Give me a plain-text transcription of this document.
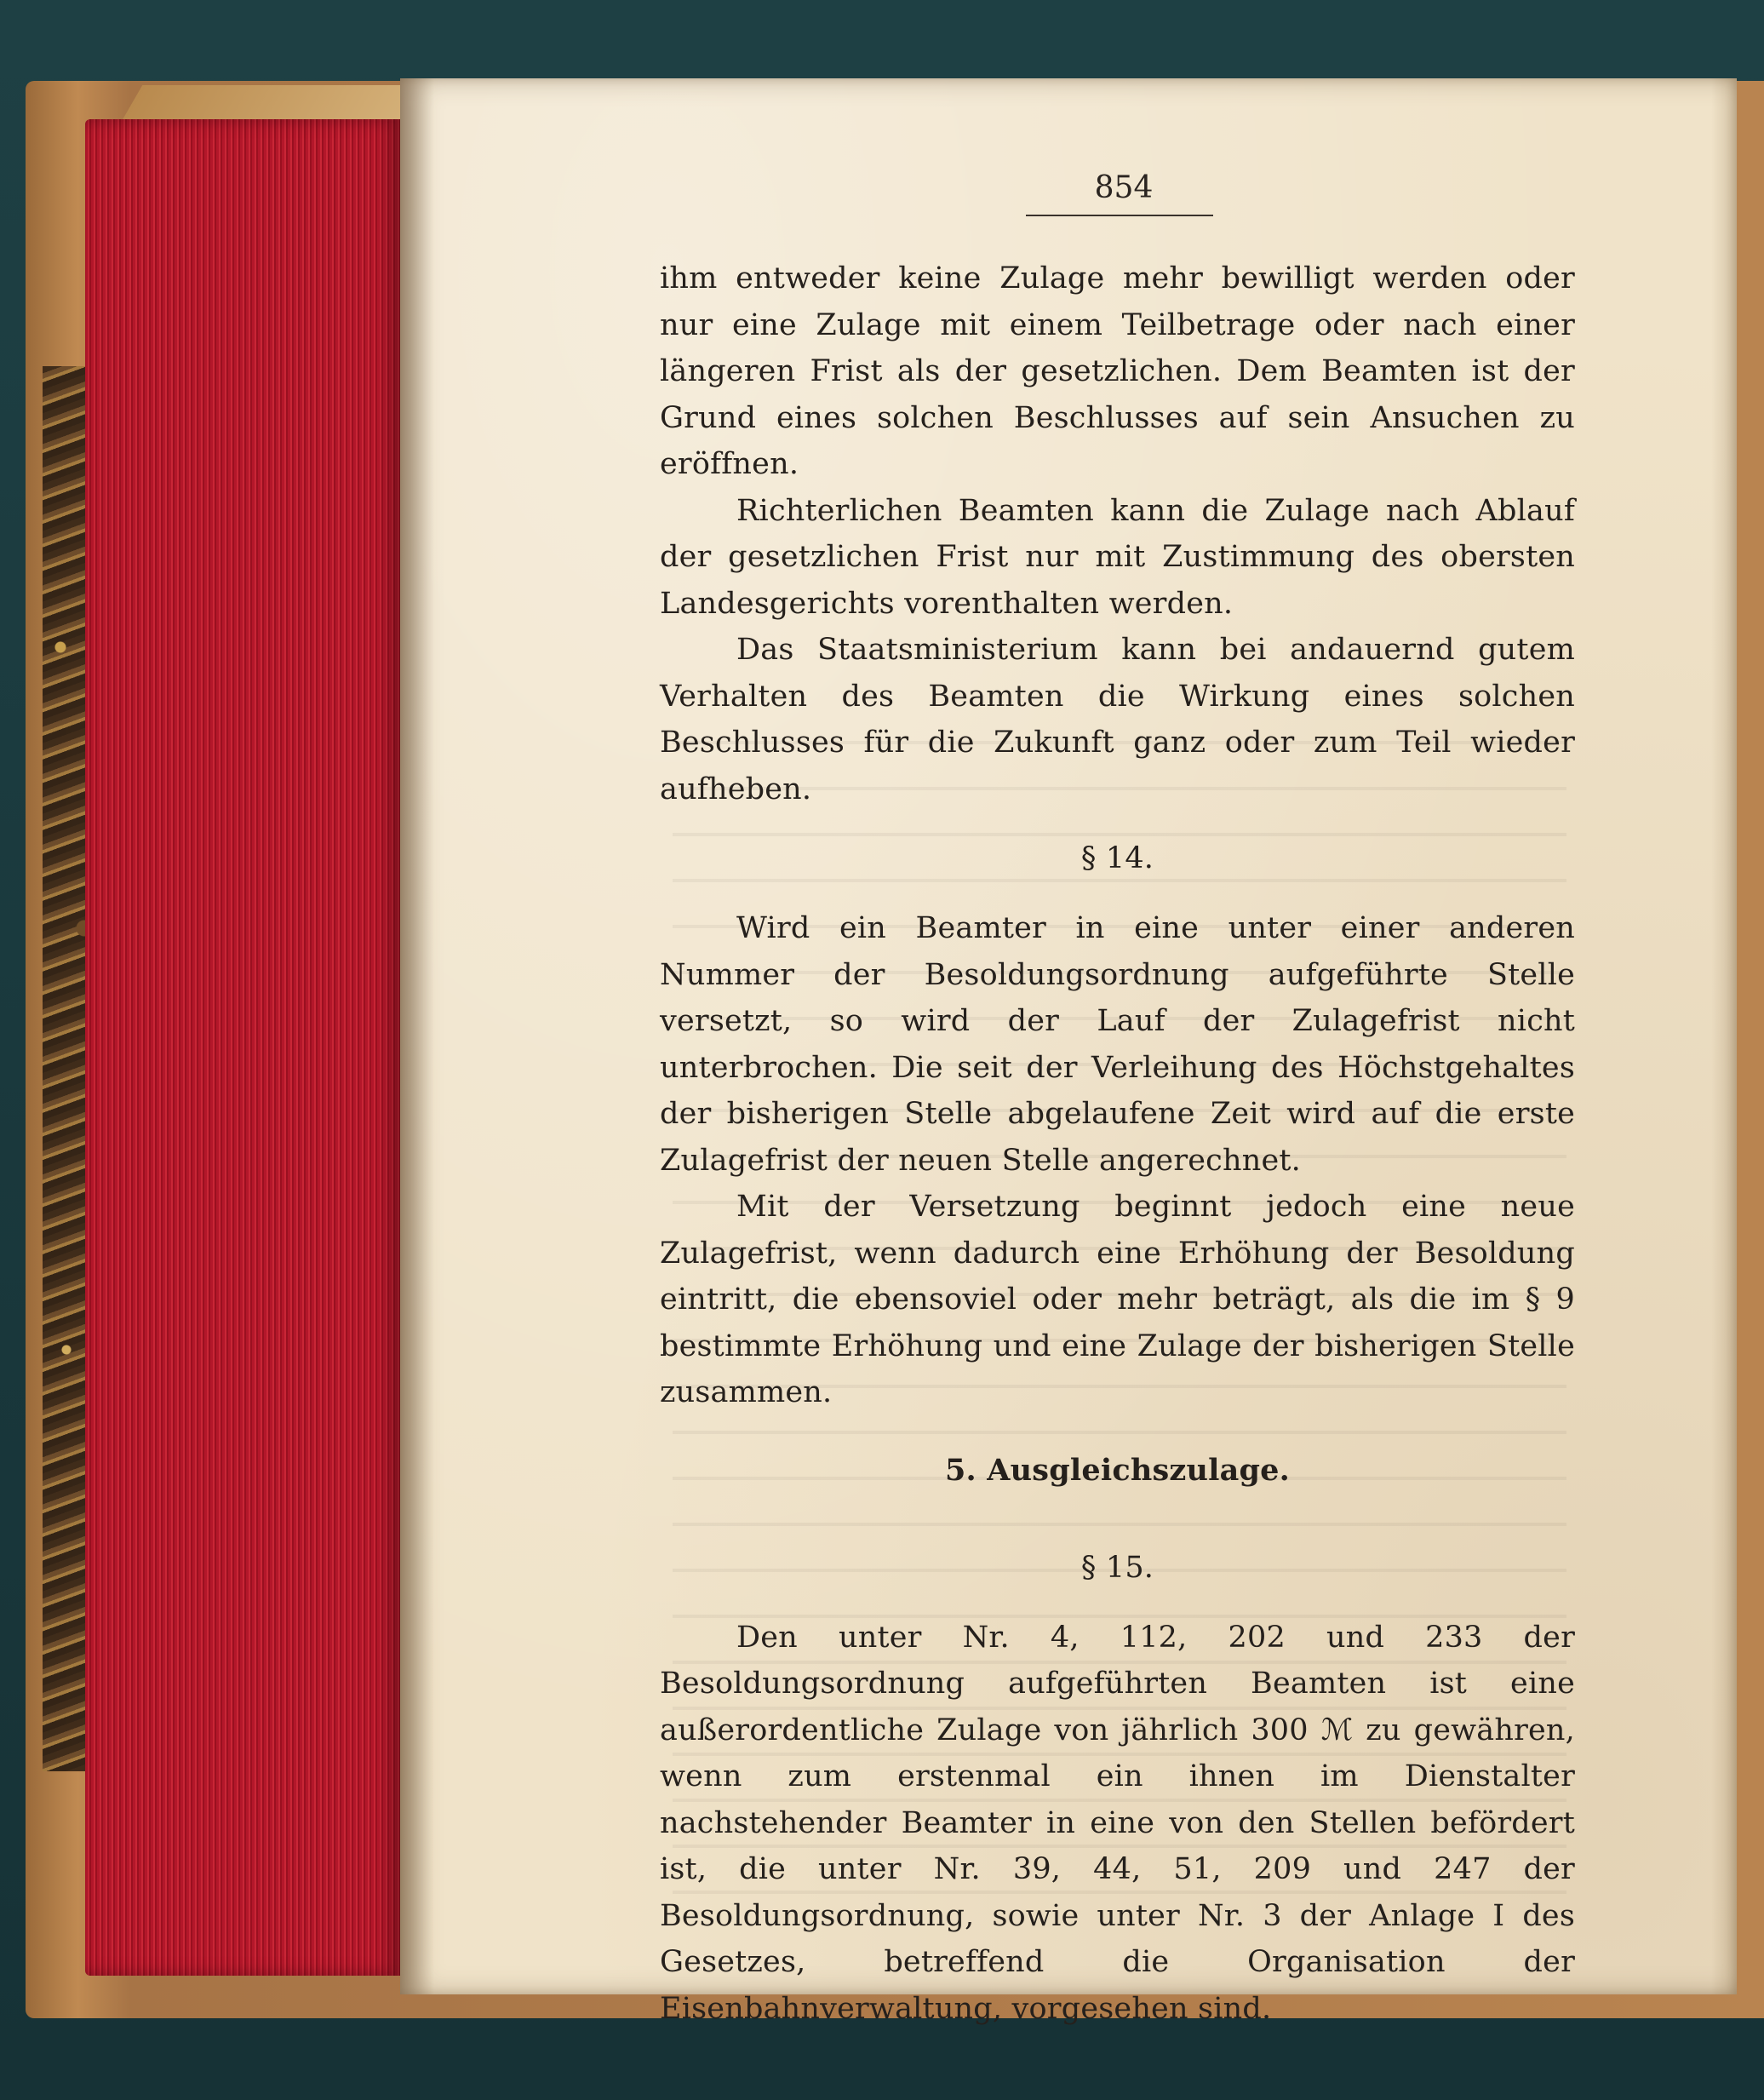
854

ihm entweder keine Zulage mehr bewilligt werden oder nur eine Zulage mit einem Teilbetrage oder nach einer längeren Frist als der gesetzlichen. Dem Beamten ist der Grund eines solchen Beschlusses auf sein Ansuchen zu eröffnen.

Richterlichen Beamten kann die Zulage nach Ablauf der gesetzlichen Frist nur mit Zustimmung des obersten Landesgerichts vorenthalten werden.

Das Staatsministerium kann bei andauernd gutem Verhalten des Beamten die Wirkung eines solchen Beschlusses für die Zukunft ganz oder zum Teil wieder aufheben.

§ 14.

Wird ein Beamter in eine unter einer anderen Nummer der Besoldungsordnung aufgeführte Stelle versetzt, so wird der Lauf der Zulagefrist nicht unterbrochen. Die seit der Verleihung des Höchstgehaltes der bisherigen Stelle abgelaufene Zeit wird auf die erste Zulagefrist der neuen Stelle angerechnet.

Mit der Versetzung beginnt jedoch eine neue Zulagefrist, wenn dadurch eine Erhöhung der Besoldung eintritt, die ebensoviel oder mehr beträgt, als die im § 9 bestimmte Erhöhung und eine Zulage der bisherigen Stelle zusammen.

5. Ausgleichszulage.

§ 15.

Den unter Nr. 4, 112, 202 und 233 der Besoldungsordnung aufgeführten Beamten ist eine außerordentliche Zulage von jährlich 300 ℳ zu gewähren, wenn zum erstenmal ein ihnen im Dienstalter nachstehender Beamter in eine von den Stellen befördert ist, die unter Nr. 39, 44, 51, 209 und 247 der Besoldungsordnung, sowie unter Nr. 3 der Anlage I des Gesetzes, betreffend die Organisation der Eisenbahnverwaltung, vorgesehen sind.
